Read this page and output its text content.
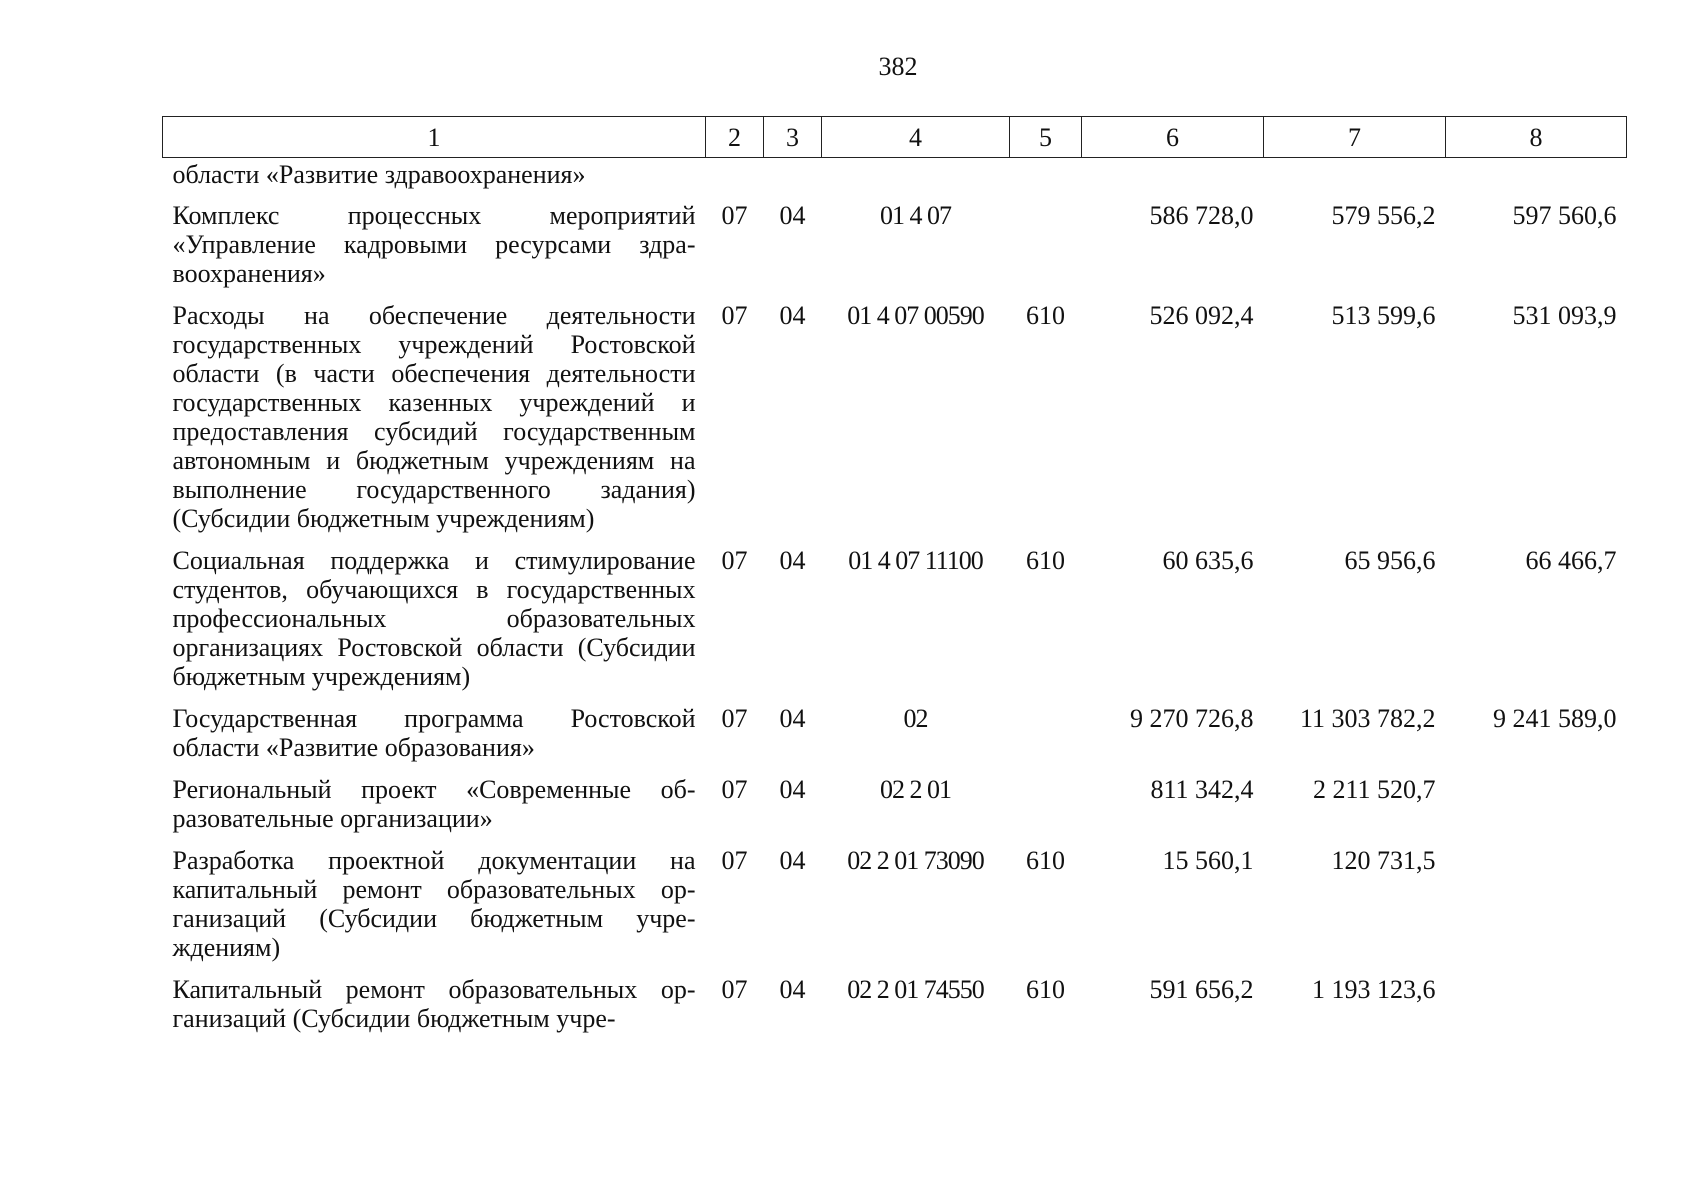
382
1	2	3	4	5	6	7	8
области «Развитие здравоохранения»							
Комплекс процессных мероприятий «Управление кадровыми ресурсами здравоохранения»	07	04	01 4 07		586 728,0	579 556,2	597 560,6
Расходы на обеспечение деятельности государственных учреждений Ростовской области (в части обеспечения деятельности государственных казенных учреждений и предоставления субсидий государственным автономным и бюджетным учреждениям на выполнение государственного задания) (Субсидии бюджетным учреждениям)	07	04	01 4 07 00590	610	526 092,4	513 599,6	531 093,9
Социальная поддержка и стимулирование студентов, обучающихся в государственных профессиональных образовательных организациях Ростовской области (Субсидии бюджетным учреждениям)	07	04	01 4 07 11100	610	60 635,6	65 956,6	66 466,7
Государственная программа Ростовской области «Развитие образования»	07	04	02		9 270 726,8	11 303 782,2	9 241 589,0
Региональный проект «Современные образовательные организации»	07	04	02 2 01		811 342,4	2 211 520,7	
Разработка проектной документации на капитальный ремонт образовательных организаций (Субсидии бюджетным учреждениям)	07	04	02 2 01 73090	610	15 560,1	120 731,5	
Капитальный ремонт образовательных организаций (Субсидии бюджетным учре-	07	04	02 2 01 74550	610	591 656,2	1 193 123,6	
